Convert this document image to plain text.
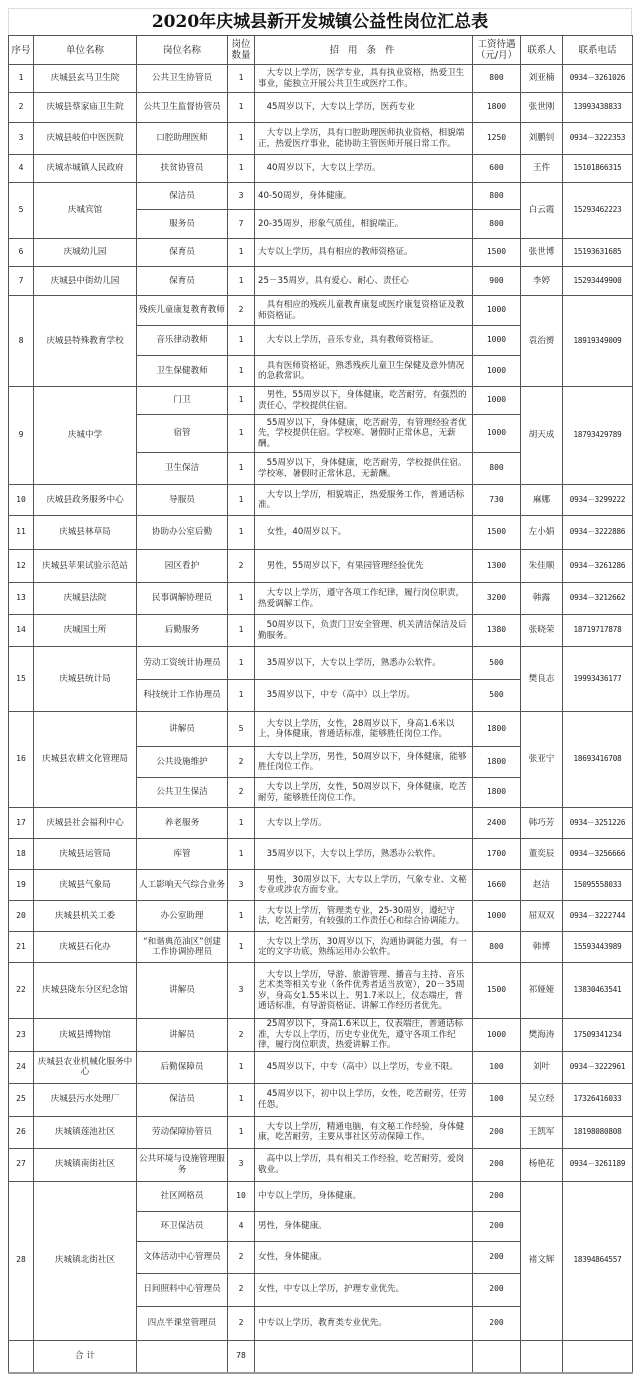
2020年庆城县新开发城镇公益性岗位汇总表
序号	单位名称	岗位名称	岗位数量	招 用 条 件	工资待遇（元/月）	联系人	联系电话
1	庆城县玄马卫生院	公共卫生协管员	1	　大专以上学历，医学专业，具有执业资格，热爱卫生事业，能独立开展公共卫生或医疗工作。	800	刘亚楠	0934－3261026
2	庆城县蔡家庙卫生院	公共卫生监督协管员	1	　45周岁以下，大专以上学历，医药专业	1800	张世刚	13993438833
3	庆城县岐伯中医医院	口腔助理医师	1	　大专以上学历，具有口腔助理医师执业资格，相貌端正，热爱医疗事业，能协助主管医师开展日常工作。	1250	刘鹏钊	0934－3222353
4	庆城赤城镇人民政府	扶贫协管员	1	　40周岁以下，大专以上学历。	600	王件	15101866315
5	庆城宾馆	保洁员	3	40-50周岁，身体健康。	800	白云霞	15293462223
		服务员	7	20-35周岁，形象气质佳，相貌端正。	800		
6	庆城幼儿园	保育员	1	大专以上学历，具有相应的教师资格证。	1500	张世博	15193631685
7	庆城县中街幼儿园	保育员	1	25－35周岁，具有爱心、耐心、责任心	900	李婷	15293449900
8	庆城县特殊教育学校	残疾儿童康复教育教师	2	　具有相应的残疾儿童教育康复或医疗康复资格证及教师资格证。	1000	袁治赟	18919349009
		音乐律动教师	1	　大专以上学历，音乐专业，具有教师资格证。	1000		
		卫生保健教师	1	　具有医师资格证，熟悉残疾儿童卫生保健及意外情况的急救常识。	1000		
9	庆城中学	门卫	1	　男性，55周岁以下，身体健康，吃苦耐劳，有强烈的责任心，学校提供住宿。	1000	胡天成	18793429789
		宿管	1	　55周岁以下，身体健康，吃苦耐劳，有管理经验者优先，学校提供住宿。学校寒、暑假时正常休息，无薪酬。	1000		
		卫生保洁	1	　55周岁以下，身体健康，吃苦耐劳，学校提供住宿。学校寒、暑假时正常休息，无薪酬。	800		
10	庆城县政务服务中心	导服员	1	　大专以上学历，相貌端正，热爱服务工作，普通话标准。	730	麻娜	0934－3299222
11	庆城县林草局	协助办公室后勤	1	　女性，40周岁以下。	1500	左小娟	0934－3222886
12	庆城县苹果试验示范站	园区看护	2	　男性，55周岁以下，有果园管理经验优先	1300	朱佳顺	0934－3261286
13	庆城县法院	民事调解协理员	1	　大专以上学历，遵守各项工作纪律，履行岗位职责，热爱调解工作。	3200	韩露	0934－3212662
14	庆城国土所	后勤服务	1	　50周岁以下，负责门卫安全管理、机关清洁保洁及后勤服务。	1380	张晓荣	18719717878
15	庆城县统计局	劳动工资统计协理员	1	　35周岁以下，大专以上学历，熟悉办公软件。	500	樊良志	19993436177
		科技统计工作协理员	1	　35周岁以下，中专（高中）以上学历。	500		
16	庆城县农耕文化管理局	讲解员	5	　大专以上学历，女性，28周岁以下，身高1.6米以上，身体健康，普通话标准，能够胜任岗位工作。	1800	张亚宁	18693416708
		公共设施维护	2	　大专以上学历，男性，50周岁以下，身体健康，能够胜任岗位工作。	1800		
		公共卫生保洁	2	　大专以上学历，女性，50周岁以下，身体健康，吃苦耐劳，能够胜任岗位工作。	1800		
17	庆城县社会福利中心	养老服务	1	　大专以上学历。	2400	韩巧芳	0934－3251226
18	庆城县运管局	库管	1	　35周岁以下，大专以上学历，熟悉办公软件。	1700	董奕辰	0934－3256666
19	庆城县气象局	人工影响天气综合业务	3	　男性，30周岁以下，大专以上学历，气象专业、文秘专业或涉农方面专业。	1660	赵洁	15095558033
20	庆城县机关工委	办公室助理	1	　大专以上学历，管理类专业，25-30周岁，遵纪守法，吃苦耐劳，有较强的工作责任心和综合协调能力。	1000	屈双双	0934－3222744
21	庆城县石化办	“和谐典范油区”创建工作协调协理员	1	　大专以上学历，30周岁以下，沟通协调能力强，有一定的文字功底，熟练运用办公软件。	800	韩博	15593443989
22	庆城县陇东分区纪念馆	讲解员	3	　大专以上学历，导游、旅游管理、播音与主持、音乐艺术类等相关专业（条件优秀者适当放宽），20－35周岁，身高女1.55米以上、男1.7米以上，仪态端庄，普通话标准，有导游资格证、讲解工作经历者优先。	1500	祁娅娅	13830463541
23	庆城县博物馆	讲解员	2	　25周岁以下，身高1.6米以上，仪表端庄，普通话标准，大专以上学历，历史专业优先，遵守各项工作纪律，履行岗位职责，热爱讲解工作。	1000	樊海涛	17509341234
24	庆城县农业机械化服务中心	后勤保障员	1	　45周岁以下，中专（高中）以上学历，专业不限。	100	刘叶	0934－3222961
25	庆城县污水处理厂	保洁员	1	　45周岁以下，初中以上学历，女性，吃苦耐劳，任劳任怨。	100	吴立经	17326416033
26	庆城镇莲池社区	劳动保障协管员	1	　大专以上学历，精通电脑，有文秘工作经验，身体健康，吃苦耐劳，主要从事社区劳动保障工作。	200	王凯军	18198080808
27	庆城镇南街社区	公共环境与设施管理服务	3	　高中以上学历，具有相关工作经验，吃苦耐劳，爱岗敬业。	200	杨艳花	0934－3261189
28	庆城镇北街社区	社区网格员	10	中专以上学历，身体健康。	200	褚文辉	18394864557
		环卫保洁员	4	男性，身体健康。	200		
		文体活动中心管理员	2	女性，身体健康。	200		
		日间照料中心管理员	2	女性，中专以上学历，护理专业优先。	200		
		四点半课堂管理员	2	中专以上学历，教育类专业优先。	200		
	合 计		78				
